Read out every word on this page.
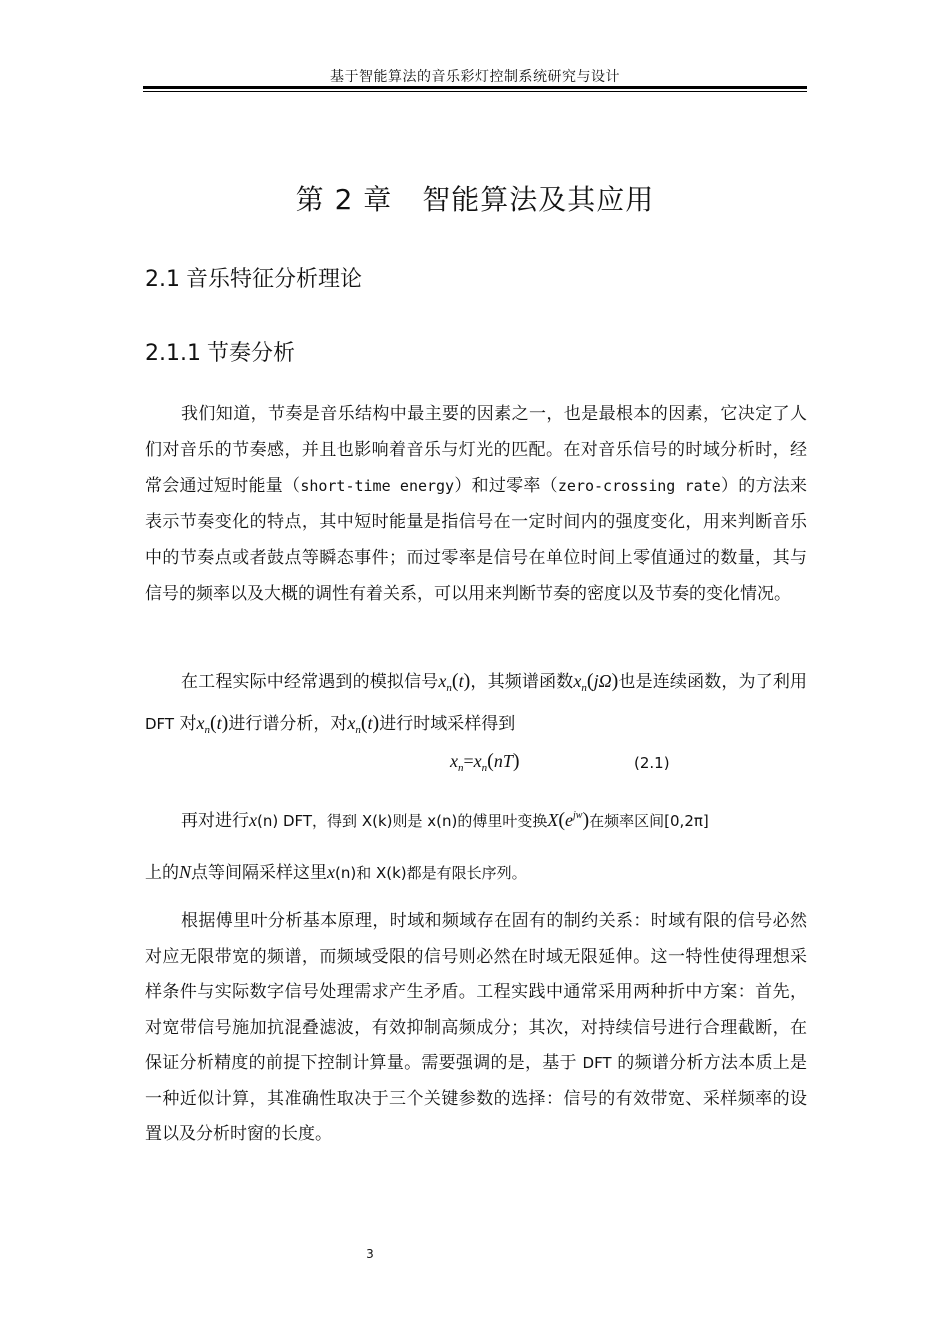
基于智能算法的音乐彩灯控制系统研究与设计
第 2 章 智能算法及其应用
2.1 音乐特征分析理论
2.1.1 节奏分析

我们知道，节奏是音乐结构中最主要的因素之一，也是最根本的因素，它决定了人们对音乐的节奏感，并且也影响着音乐与灯光的匹配。在对音乐信号的时域分析时，经常会通过短时能量（short-time energy）和过零率（zero-crossing rate）的方法来表示节奏变化的特点，其中短时能量是指信号在一定时间内的强度变化，用来判断音乐中的节奏点或者鼓点等瞬态事件；而过零率是信号在单位时间上零值通过的数量，其与信号的频率以及大概的调性有着关系，可以用来判断节奏的密度以及节奏的变化情况。

在工程实际中经常遇到的模拟信号$x_n(t)$，其频谱函数$x_n(j\Omega)$也是连续函数，为了利用 DFT 对$x_n(t)$进行谱分析，对$x_n(t)$进行时域采样得到

$x_n=x_n(nT)$	(2.1)
再对进行x(n) DFT，得到 X(k)则是 x(n)的傅里叶变换$X(e^{jw})$在频率区间[0,2π]
上的N点等间隔采样这里x(n)和 X(k)都是有限长序列。

根据傅里叶分析基本原理，时域和频域存在固有的制约关系：时域有限的信号必然对应无限带宽的频谱，而频域受限的信号则必然在时域无限延伸。这一特性使得理想采样条件与实际数字信号处理需求产生矛盾。工程实践中通常采用两种折中方案：首先，对宽带信号施加抗混叠滤波，有效抑制高频成分；其次，对持续信号进行合理截断，在保证分析精度的前提下控制计算量。需要强调的是，基于 DFT 的频谱分析方法本质上是一种近似计算，其准确性取决于三个关键参数的选择：信号的有效带宽、采样频率的设置以及分析时窗的长度。

3
